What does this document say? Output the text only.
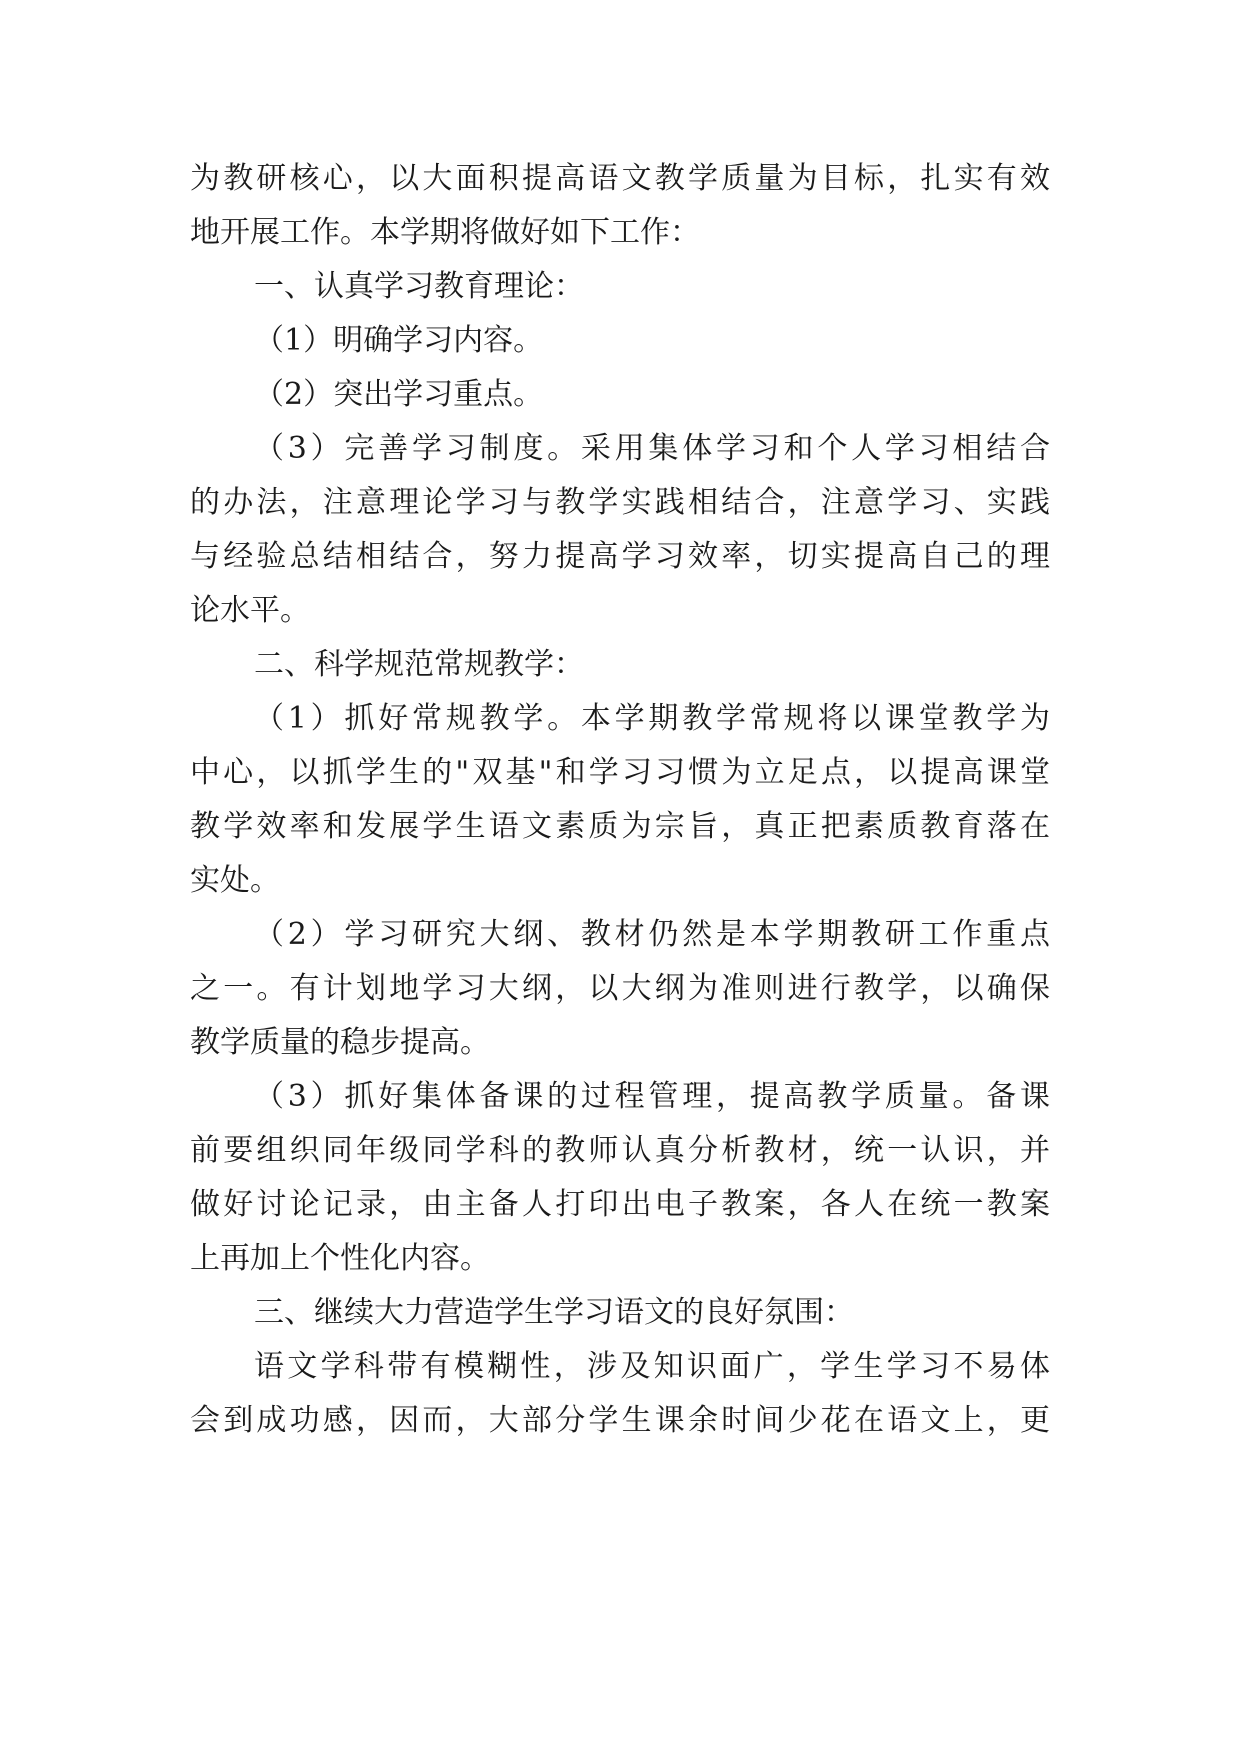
为教研核心，以大面积提高语文教学质量为目标，扎实有效
地开展工作。本学期将做好如下工作：
一、认真学习教育理论：
（1）明确学习内容。
（2）突出学习重点。
（3）完善学习制度。采用集体学习和个人学习相结合
的办法，注意理论学习与教学实践相结合，注意学习、实践
与经验总结相结合，努力提高学习效率，切实提高自己的理
论水平。
二、科学规范常规教学：
（1）抓好常规教学。本学期教学常规将以课堂教学为
中心，以抓学生的"双基"和学习习惯为立足点，以提高课堂
教学效率和发展学生语文素质为宗旨，真正把素质教育落在
实处。
（2）学习研究大纲、教材仍然是本学期教研工作重点
之一。有计划地学习大纲，以大纲为准则进行教学，以确保
教学质量的稳步提高。
（3）抓好集体备课的过程管理，提高教学质量。备课
前要组织同年级同学科的教师认真分析教材，统一认识，并
做好讨论记录，由主备人打印出电子教案，各人在统一教案
上再加上个性化内容。
三、继续大力营造学生学习语文的良好氛围：
语文学科带有模糊性，涉及知识面广，学生学习不易体
会到成功感，因而，大部分学生课余时间少花在语文上，更
